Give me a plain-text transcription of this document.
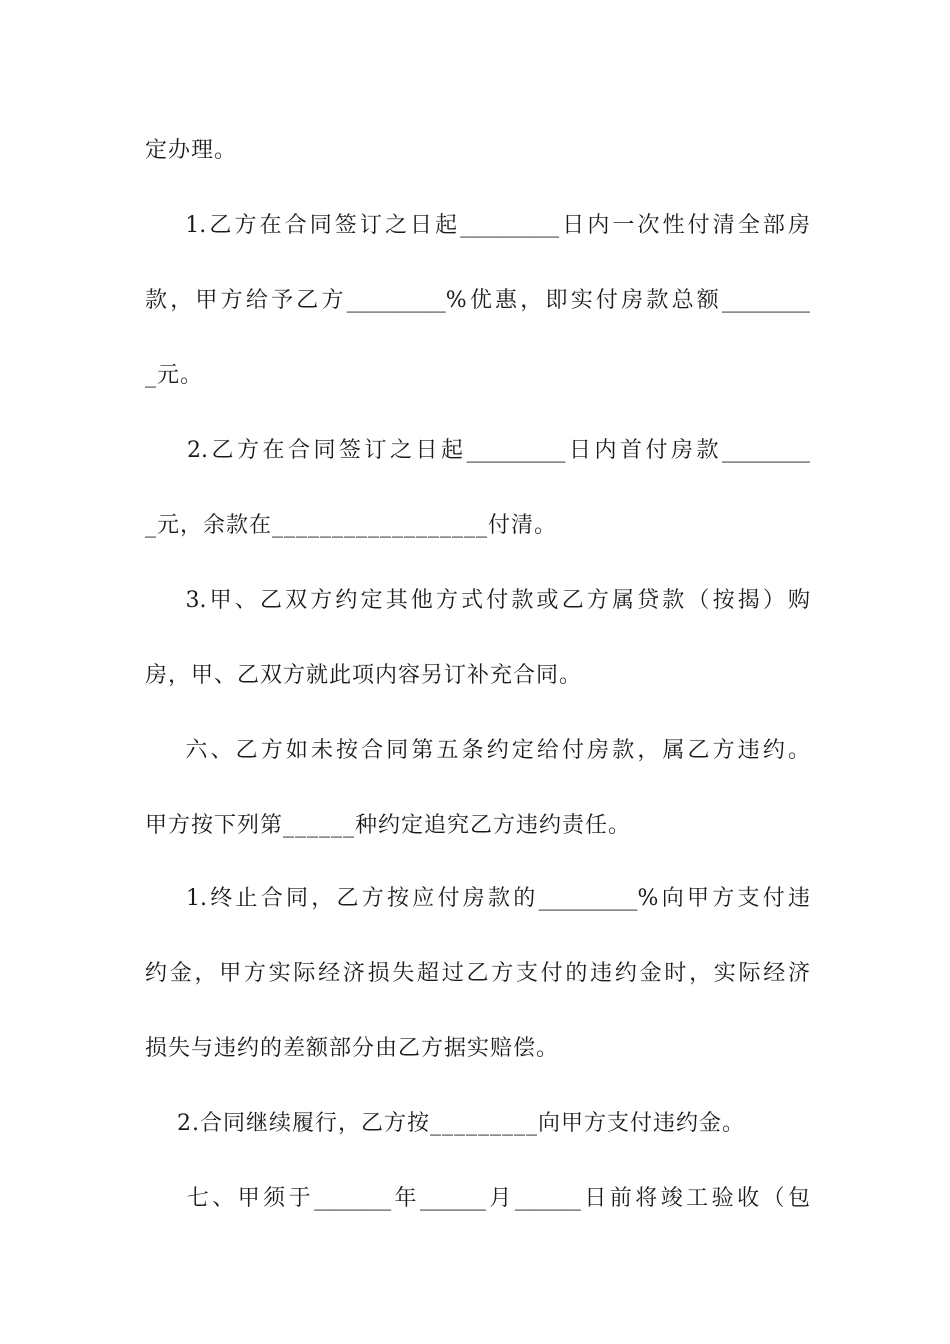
定办理。

1.乙方在合同签订之日起_________日内一次性付清全部房

款，甲方给予乙方_________%优惠，即实付房款总额________

_元。

2.乙方在合同签订之日起_________日内首付房款________

_元，余款在__________________付清。

3.甲、乙双方约定其他方式付款或乙方属贷款（按揭）购

房，甲、乙双方就此项内容另订补充合同。

六、乙方如未按合同第五条约定给付房款，属乙方违约。

甲方按下列第______种约定追究乙方违约责任。

1.终止合同，乙方按应付房款的_________%向甲方支付违

约金，甲方实际经济损失超过乙方支付的违约金时，实际经济

损失与违约的差额部分由乙方据实赔偿。

2.合同继续履行，乙方按_________向甲方支付违约金。

七、甲须于_______年______月______日前将竣工验收（包
